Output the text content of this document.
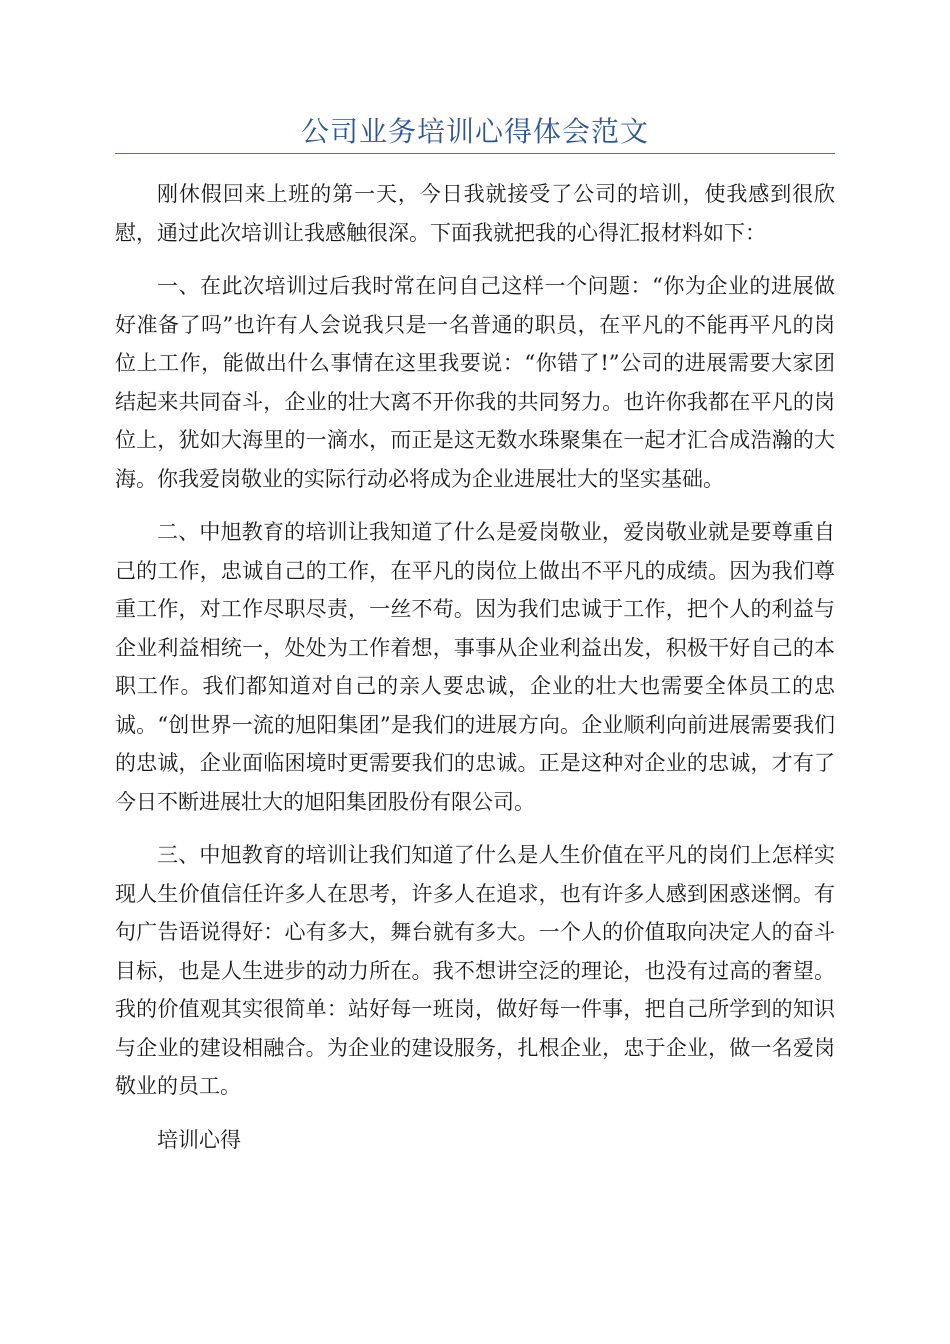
公司业务培训心得体会范文

刚休假回来上班的第一天，今日我就接受了公司的培训，使我感到很欣慰，通过此次培训让我感触很深。下面我就把我的心得汇报材料如下：

一、在此次培训过后我时常在问自己这样一个问题：“你为企业的进展做好准备了吗”也许有人会说我只是一名普通的职员，在平凡的不能再平凡的岗位上工作，能做出什么事情在这里我要说：“你错了!”公司的进展需要大家团结起来共同奋斗，企业的壮大离不开你我的共同努力。也许你我都在平凡的岗位上，犹如大海里的一滴水，而正是这无数水珠聚集在一起才汇合成浩瀚的大海。你我爱岗敬业的实际行动必将成为企业进展壮大的坚实基础。

二、中旭教育的培训让我知道了什么是爱岗敬业，爱岗敬业就是要尊重自己的工作，忠诚自己的工作，在平凡的岗位上做出不平凡的成绩。因为我们尊重工作，对工作尽职尽责，一丝不苟。因为我们忠诚于工作，把个人的利益与企业利益相统一，处处为工作着想，事事从企业利益出发，积极干好自己的本职工作。我们都知道对自己的亲人要忠诚，企业的壮大也需要全体员工的忠诚。“创世界一流的旭阳集团”是我们的进展方向。企业顺利向前进展需要我们的忠诚，企业面临困境时更需要我们的忠诚。正是这种对企业的忠诚，才有了今日不断进展壮大的旭阳集团股份有限公司。

三、中旭教育的培训让我们知道了什么是人生价值在平凡的岗们上怎样实现人生价值信任许多人在思考，许多人在追求，也有许多人感到困惑迷惘。有句广告语说得好：心有多大，舞台就有多大。一个人的价值取向决定人的奋斗目标，也是人生进步的动力所在。我不想讲空泛的理论，也没有过高的奢望。我的价值观其实很简单：站好每一班岗，做好每一件事，把自己所学到的知识与企业的建设相融合。为企业的建设服务，扎根企业，忠于企业，做一名爱岗敬业的员工。

培训心得
